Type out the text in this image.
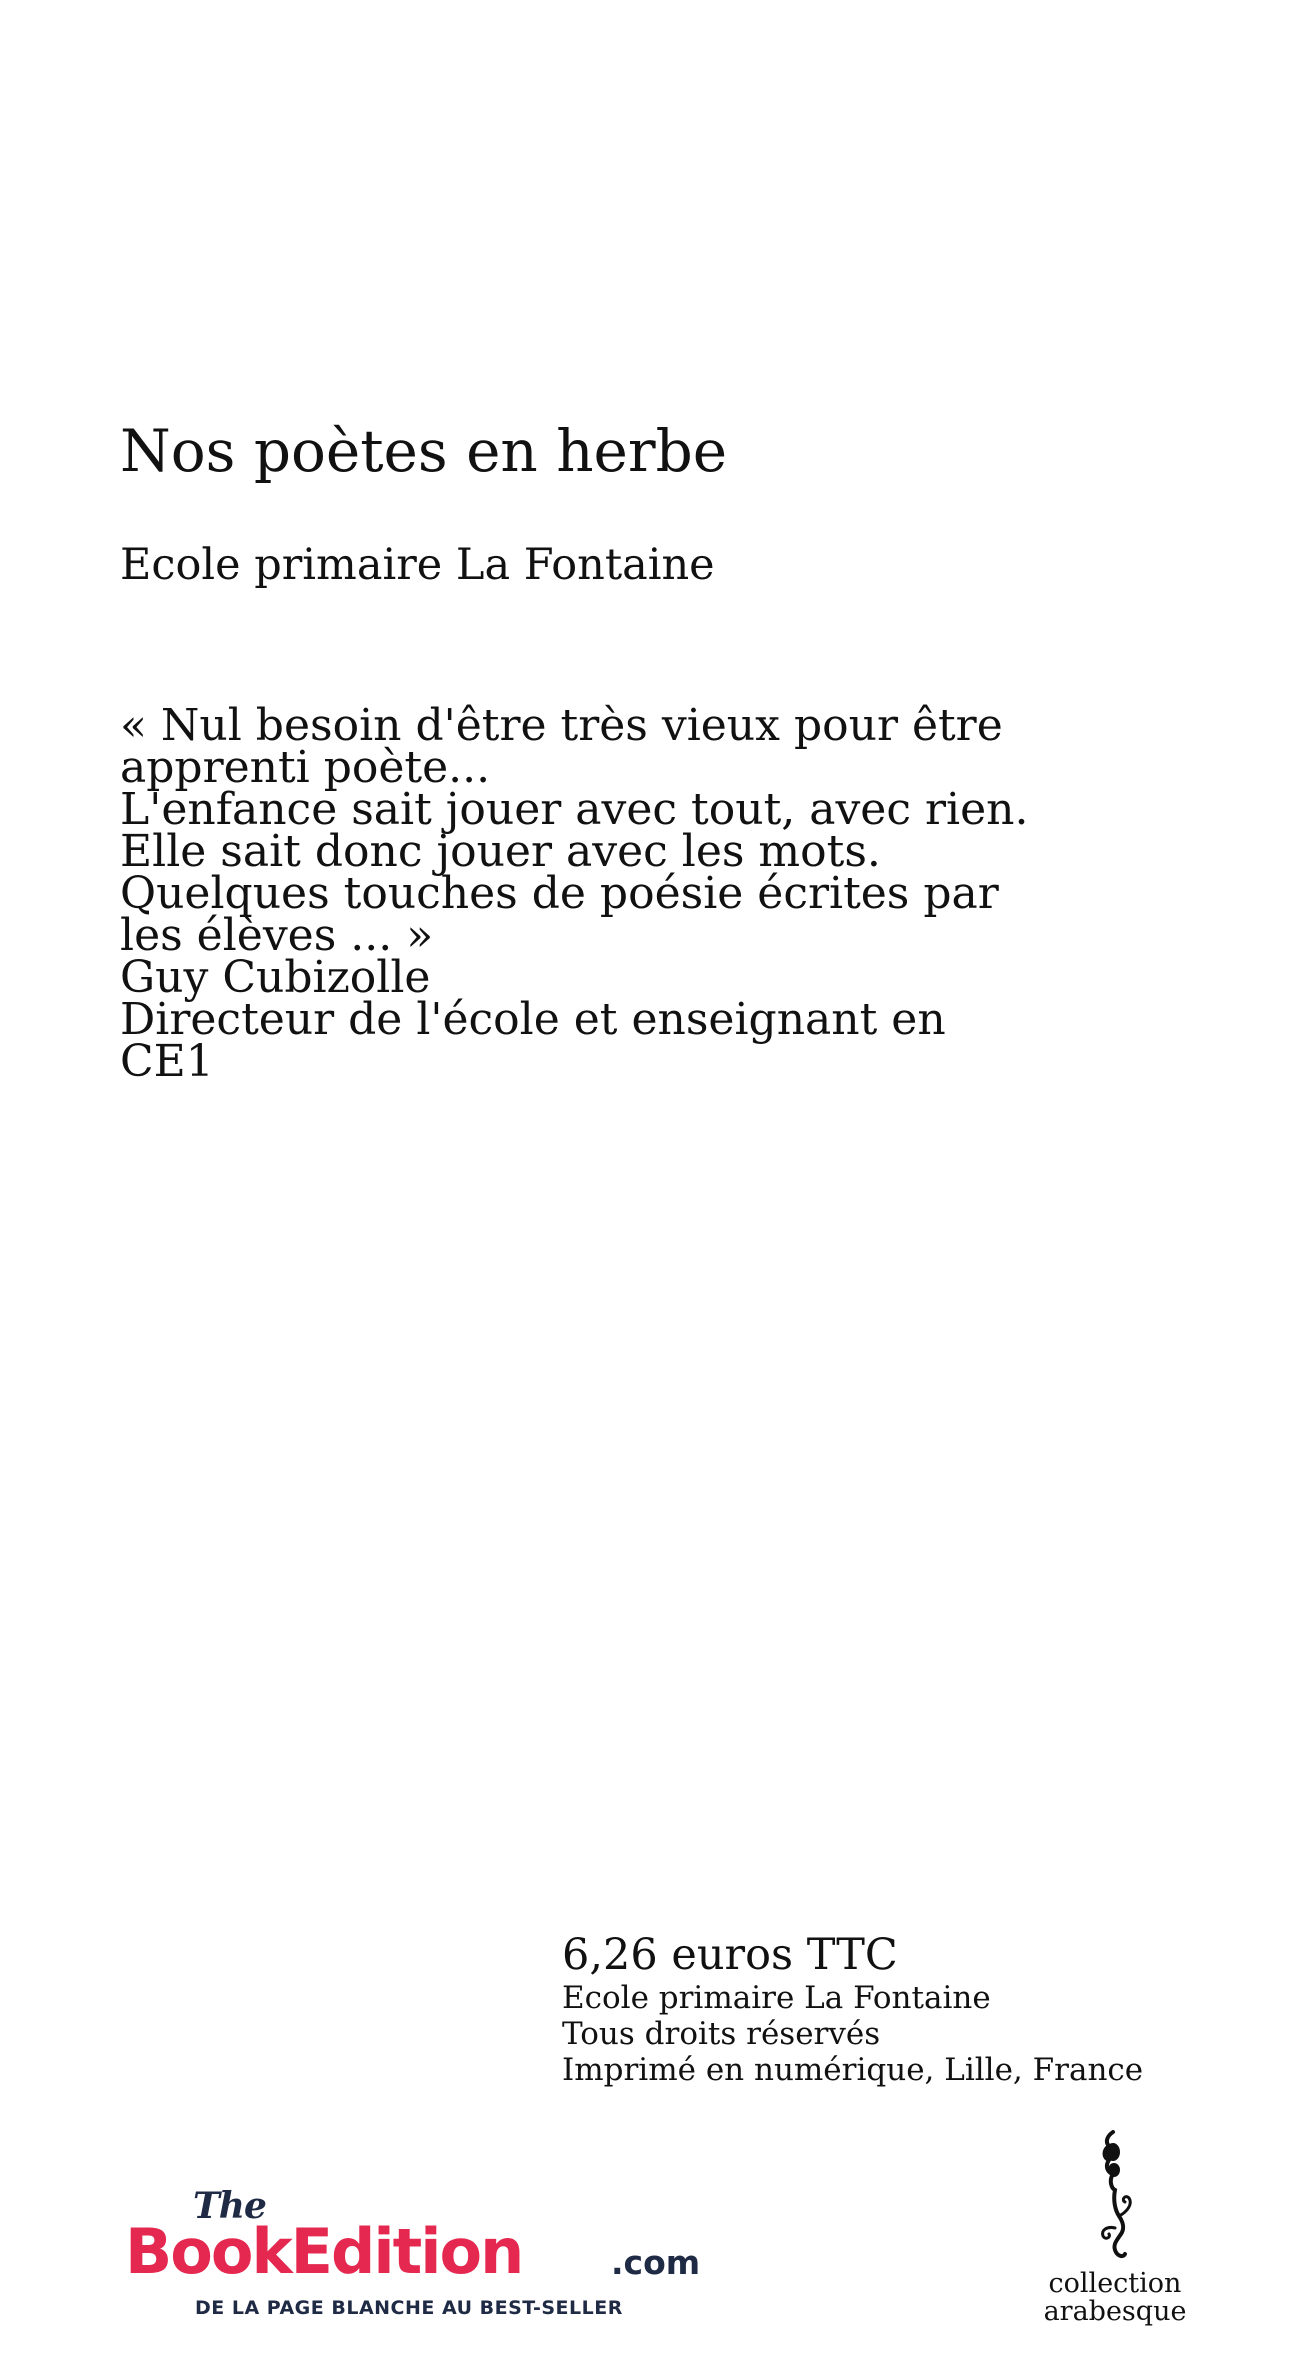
Nos poètes en herbe
Ecole primaire La Fontaine
« Nul besoin d'être très vieux pour être
apprenti poète...
L'enfance sait jouer avec tout, avec rien.
Elle sait donc jouer avec les mots.
Quelques touches de poésie écrites par
les élèves ... »
Guy Cubizolle
Directeur de l'école et enseignant en
CE1
6,26 euros TTC
Ecole primaire La Fontaine
Tous droits réservés
Imprimé en numérique, Lille, France
The
BookEdition	.com
DE LA PAGE BLANCHE AU BEST-SELLER
collection
arabesque
